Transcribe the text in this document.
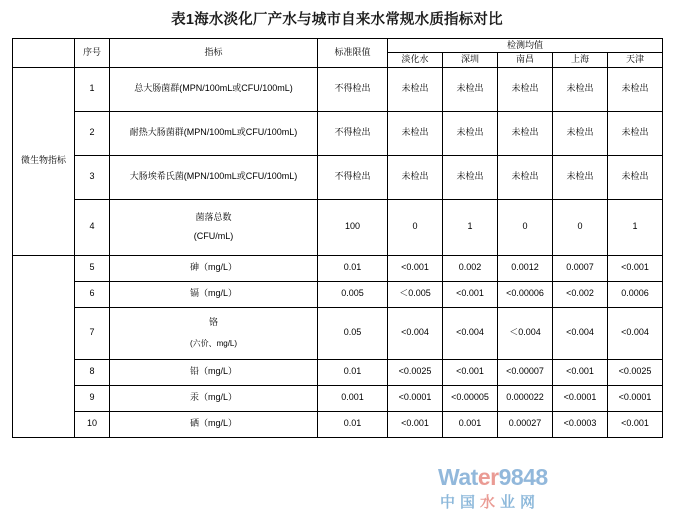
表1海水淡化厂产水与城市自来水常规水质指标对比
	序号	指标	标准限值	检测均值				
				淡化水	深圳	南昌	上海	天津
微生物指标	1	总大肠菌群(MPN/100mL或CFU/100mL)	不得检出	未检出	未检出	未检出	未检出	未检出
	2	耐热大肠菌群(MPN/100mL或CFU/100mL)	不得检出	未检出	未检出	未检出	未检出	未检出
	3	大肠埃希氏菌(MPN/100mL或CFU/100mL)	不得检出	未检出	未检出	未检出	未检出	未检出
	4	菌落总数
(CFU/mL)	100	0	1	0	0	1
	5	砷（mg/L）	0.01	<0.001	0.002	0.0012	0.0007	<0.001
	6	镉（mg/L）	0.005	＜0.005	<0.001	<0.00006	<0.002	0.0006
	7	铬
(六价、mg/L)	0.05	<0.004	<0.004	＜0.004	<0.004	<0.004
	8	铅（mg/L）	0.01	<0.0025	<0.001	<0.00007	<0.001	<0.0025
	9	汞（mg/L）	0.001	<0.0001	<0.00005	0.000022	<0.0001	<0.0001
	10	硒（mg/L）	0.01	<0.001	0.001	0.00027	<0.0003	<0.001
Water9848
中国水业网
